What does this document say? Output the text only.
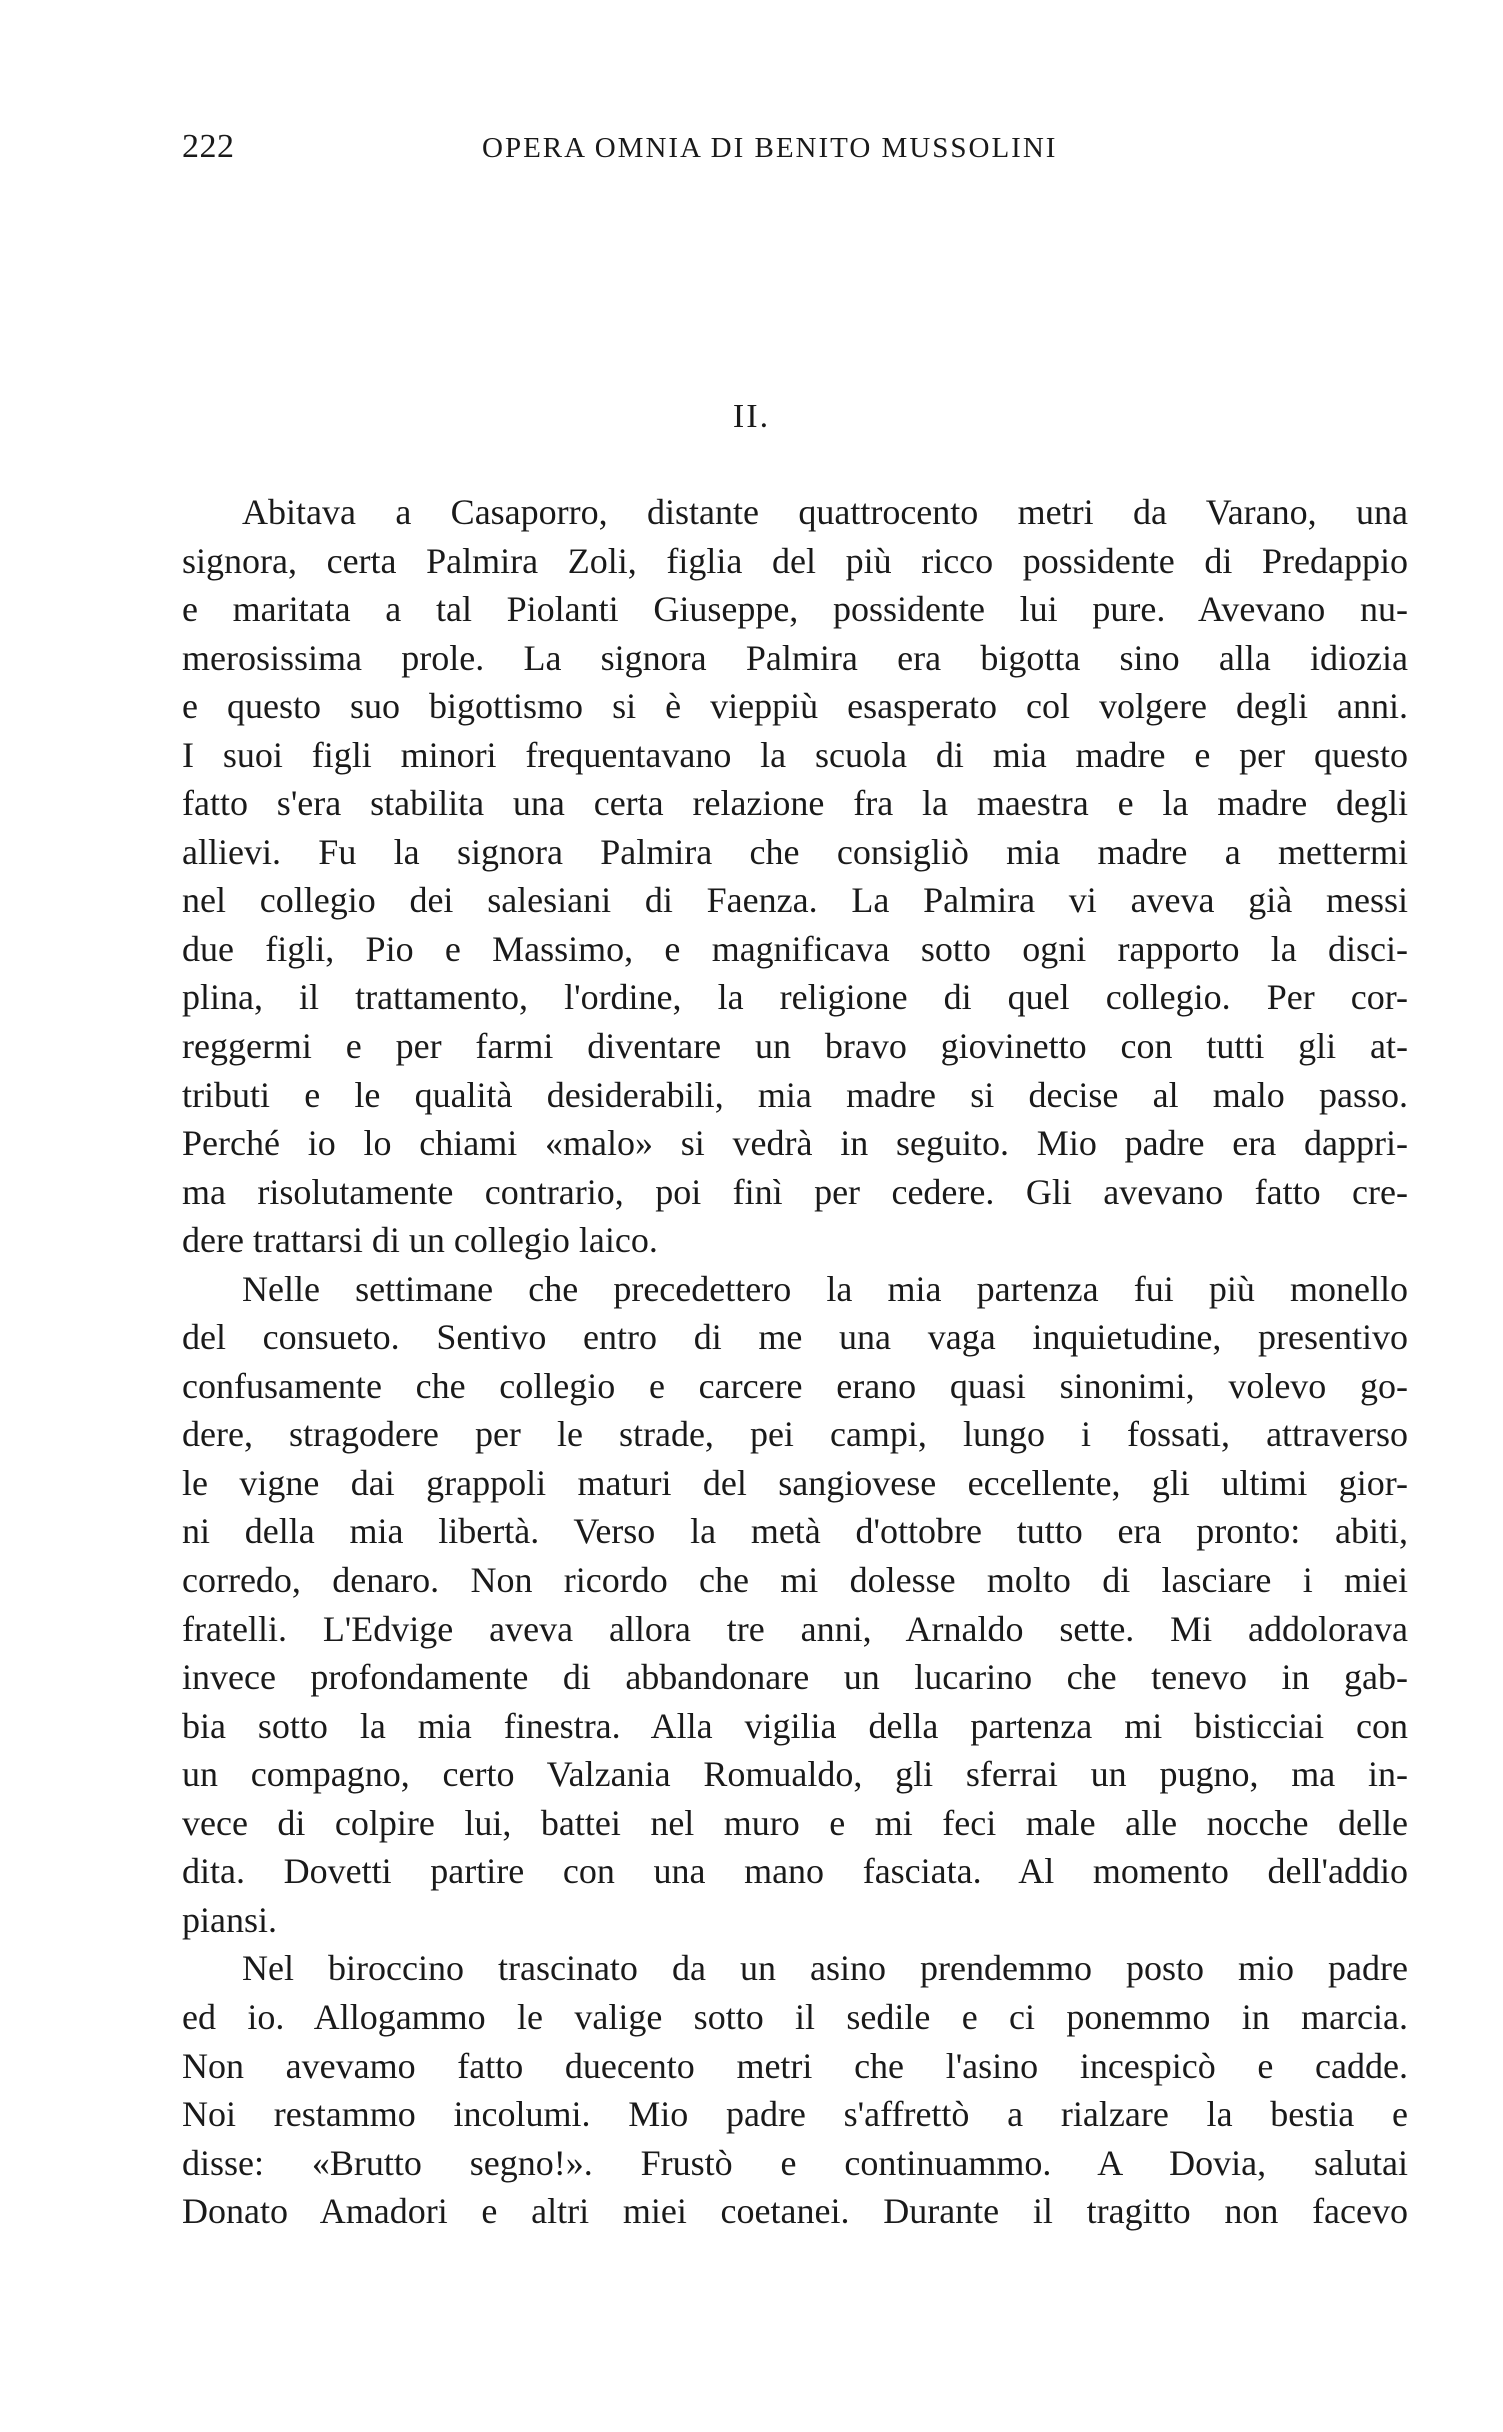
222	OPERA OMNIA DI BENITO MUSSOLINI
II.
Abitava a Casaporro, distante quattrocento metri da Varano, una
signora, certa Palmira Zoli, figlia del più ricco possidente di Predappio
e maritata a tal Piolanti Giuseppe, possidente lui pure. Avevano nu-
merosissima prole. La signora Palmira era bigotta sino alla idiozia
e questo suo bigottismo si è vieppiù esasperato col volgere degli anni.
I suoi figli minori frequentavano la scuola di mia madre e per questo
fatto s'era stabilita una certa relazione fra la maestra e la madre degli
allievi. Fu la signora Palmira che consigliò mia madre a mettermi
nel collegio dei salesiani di Faenza. La Palmira vi aveva già messi
due figli, Pio e Massimo, e magnificava sotto ogni rapporto la disci-
plina, il trattamento, l'ordine, la religione di quel collegio. Per cor-
reggermi e per farmi diventare un bravo giovinetto con tutti gli at-
tributi e le qualità desiderabili, mia madre si decise al malo passo.
Perché io lo chiami «malo» si vedrà in seguito. Mio padre era dappri-
ma risolutamente contrario, poi finì per cedere. Gli avevano fatto cre-
dere trattarsi di un collegio laico.
Nelle settimane che precedettero la mia partenza fui più monello
del consueto. Sentivo entro di me una vaga inquietudine, presentivo
confusamente che collegio e carcere erano quasi sinonimi, volevo go-
dere, stragodere per le strade, pei campi, lungo i fossati, attraverso
le vigne dai grappoli maturi del sangiovese eccellente, gli ultimi gior-
ni della mia libertà. Verso la metà d'ottobre tutto era pronto: abiti,
corredo, denaro. Non ricordo che mi dolesse molto di lasciare i miei
fratelli. L'Edvige aveva allora tre anni, Arnaldo sette. Mi addolorava
invece profondamente di abbandonare un lucarino che tenevo in gab-
bia sotto la mia finestra. Alla vigilia della partenza mi bisticciai con
un compagno, certo Valzania Romualdo, gli sferrai un pugno, ma in-
vece di colpire lui, battei nel muro e mi feci male alle nocche delle
dita. Dovetti partire con una mano fasciata. Al momento dell'addio
piansi.
Nel biroccino trascinato da un asino prendemmo posto mio padre
ed io. Allogammo le valige sotto il sedile e ci ponemmo in marcia.
Non avevamo fatto duecento metri che l'asino incespicò e cadde.
Noi restammo incolumi. Mio padre s'affrettò a rialzare la bestia e
disse: «Brutto segno!». Frustò e continuammo. A Dovia, salutai
Donato Amadori e altri miei coetanei. Durante il tragitto non facevo
